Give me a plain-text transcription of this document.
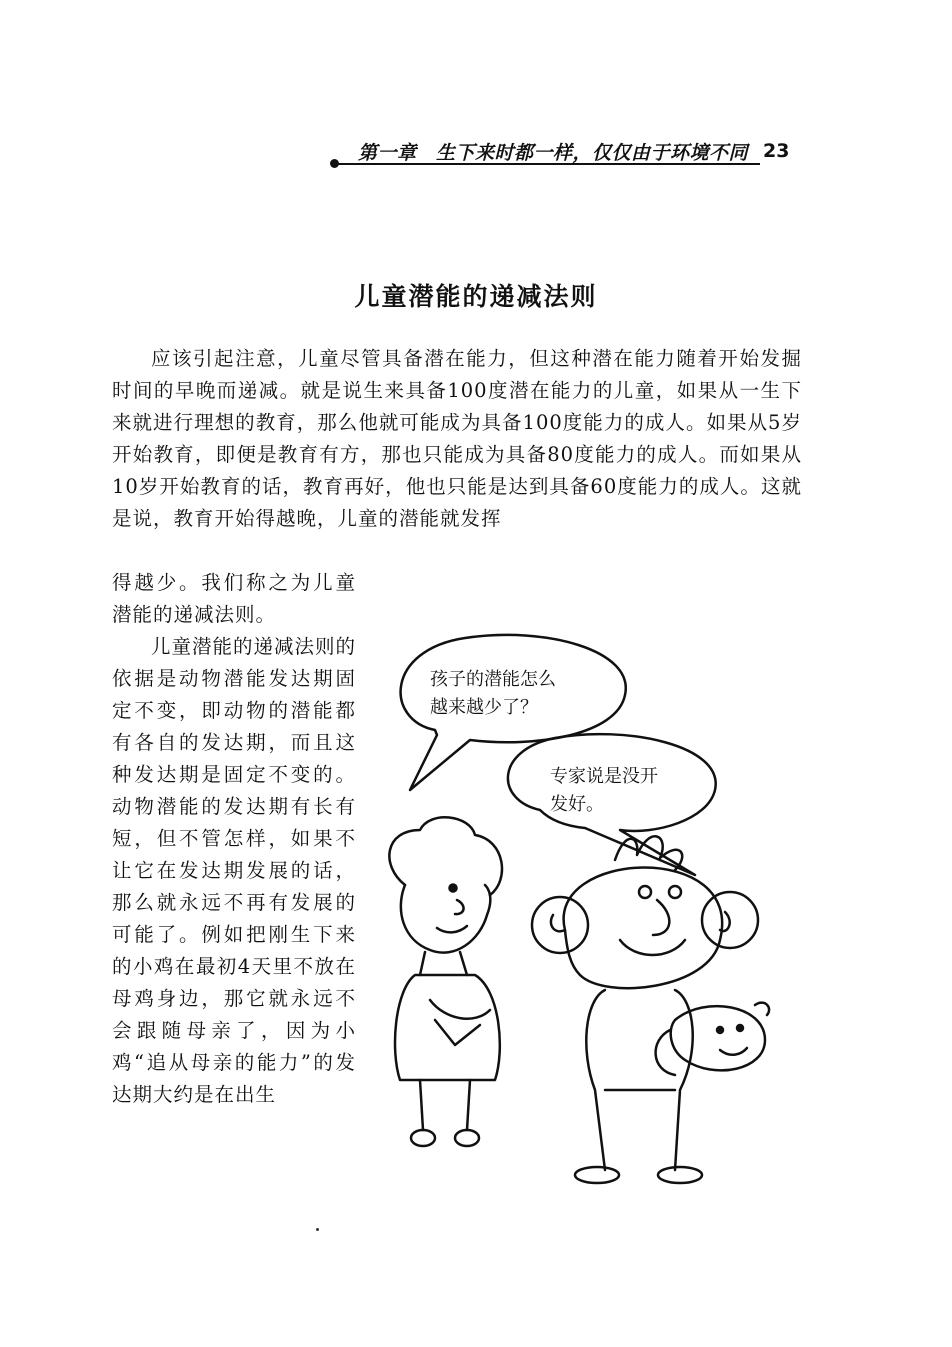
第一章　生下来时都一样，仅仅由于环境不同 23
儿童潜能的递减法则

应该引起注意，儿童尽管具备潜在能力，但这种潜在能力随着开始发掘时间的早晚而递减。就是说生来具备100度潜在能力的儿童，如果从一生下来就进行理想的教育，那么他就可能成为具备100度能力的成人。如果从5岁开始教育，即便是教育有方，那也只能成为具备80度能力的成人。而如果从10岁开始教育的话，教育再好，他也只能是达到具备60度能力的成人。这就是说，教育开始得越晚，儿童的潜能就发挥

得越少。我们称之为儿童潜能的递减法则。

儿童潜能的递减法则的依据是动物潜能发达期固定不变，即动物的潜能都有各自的发达期，而且这种发达期是固定不变的。动物潜能的发达期有长有短，但不管怎样，如果不让它在发达期发展的话，那么就永远不再有发展的可能了。例如把刚生下来的小鸡在最初4天里不放在母鸡身边，那它就永远不会跟随母亲了，因为小鸡“追从母亲的能力”的发达期大约是在出生

孩子的潜能怎么
越来越少了？
专家说是没开
发好。
